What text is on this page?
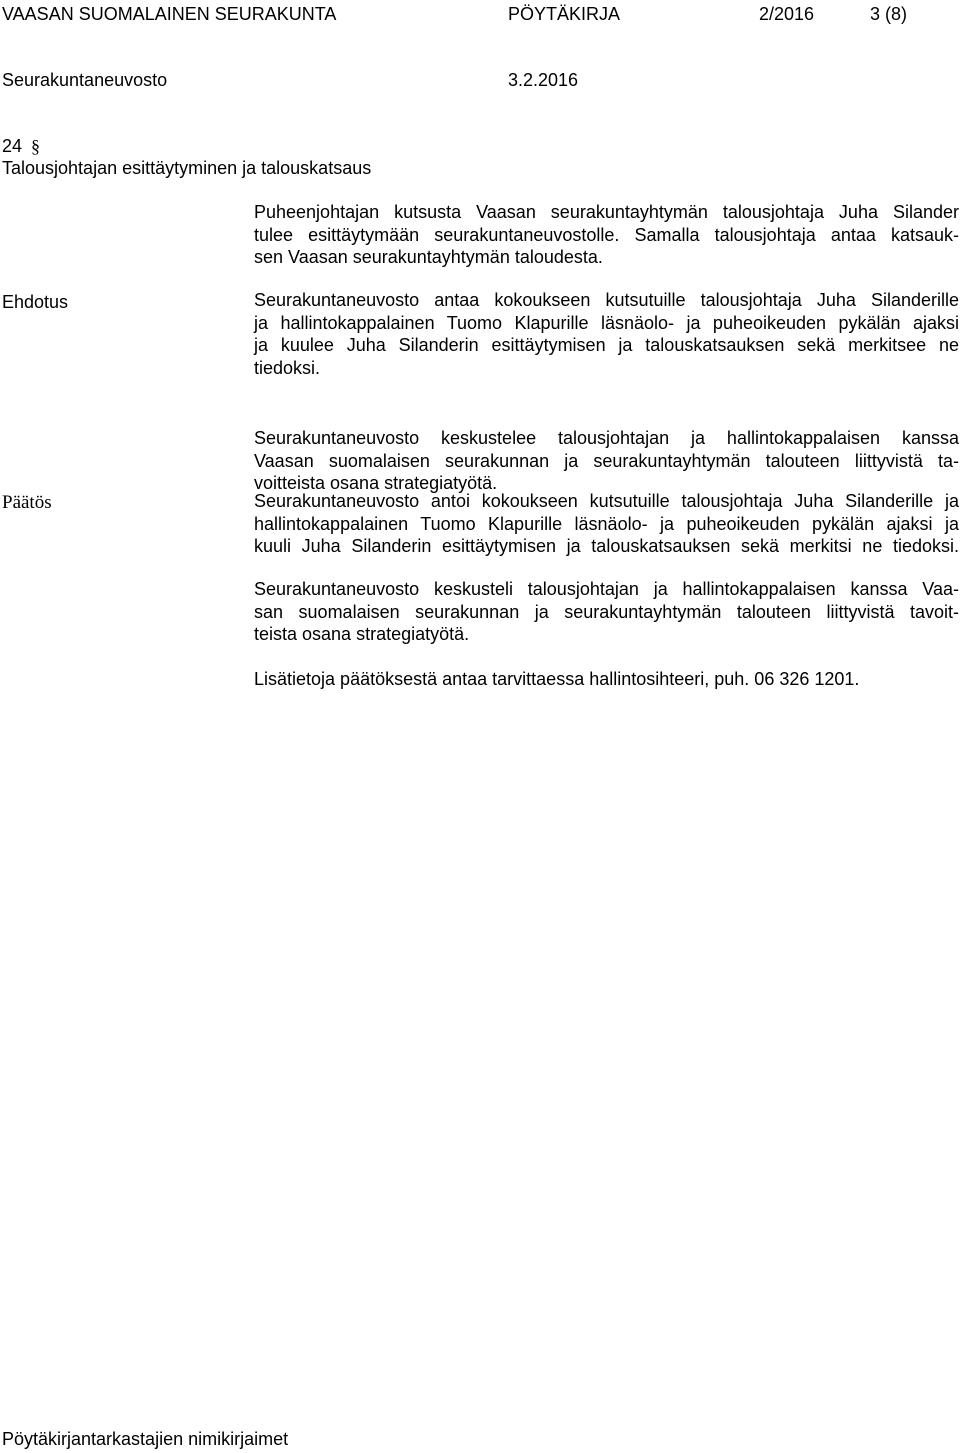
VAASAN SUOMALAINEN SEURAKUNTA	PÖYTÄKIRJA	2/2016	3 (8)
Seurakuntaneuvosto	3.2.2016
24 §
Talousjohtajan esittäytyminen ja talouskatsaus
Puheenjohtajan kutsusta Vaasan seurakuntayhtymän talousjohtaja Juha Silander
tulee esittäytymään seurakuntaneuvostolle. Samalla talousjohtaja antaa katsauk-
sen Vaasan seurakuntayhtymän taloudesta.
Ehdotus	Seurakuntaneuvosto antaa kokoukseen kutsutuille talousjohtaja Juha Silanderille
ja hallintokappalainen Tuomo Klapurille läsnäolo- ja puheoikeuden pykälän ajaksi
ja kuulee Juha Silanderin esittäytymisen ja talouskatsauksen sekä merkitsee ne
tiedoksi.
Seurakuntaneuvosto keskustelee talousjohtajan ja hallintokappalaisen kanssa
Vaasan suomalaisen seurakunnan ja seurakuntayhtymän talouteen liittyvistä ta-
voitteista osana strategiatyötä.
Päätös	Seurakuntaneuvosto antoi kokoukseen kutsutuille talousjohtaja Juha Silanderille ja
hallintokappalainen Tuomo Klapurille läsnäolo- ja puheoikeuden pykälän ajaksi ja
kuuli Juha Silanderin esittäytymisen ja talouskatsauksen sekä merkitsi ne tiedoksi.
Seurakuntaneuvosto keskusteli talousjohtajan ja hallintokappalaisen kanssa Vaa-
san suomalaisen seurakunnan ja seurakuntayhtymän talouteen liittyvistä tavoit-
teista osana strategiatyötä.
Lisätietoja päätöksestä antaa tarvittaessa hallintosihteeri, puh. 06 326 1201.
Pöytäkirjantarkastajien nimikirjaimet
